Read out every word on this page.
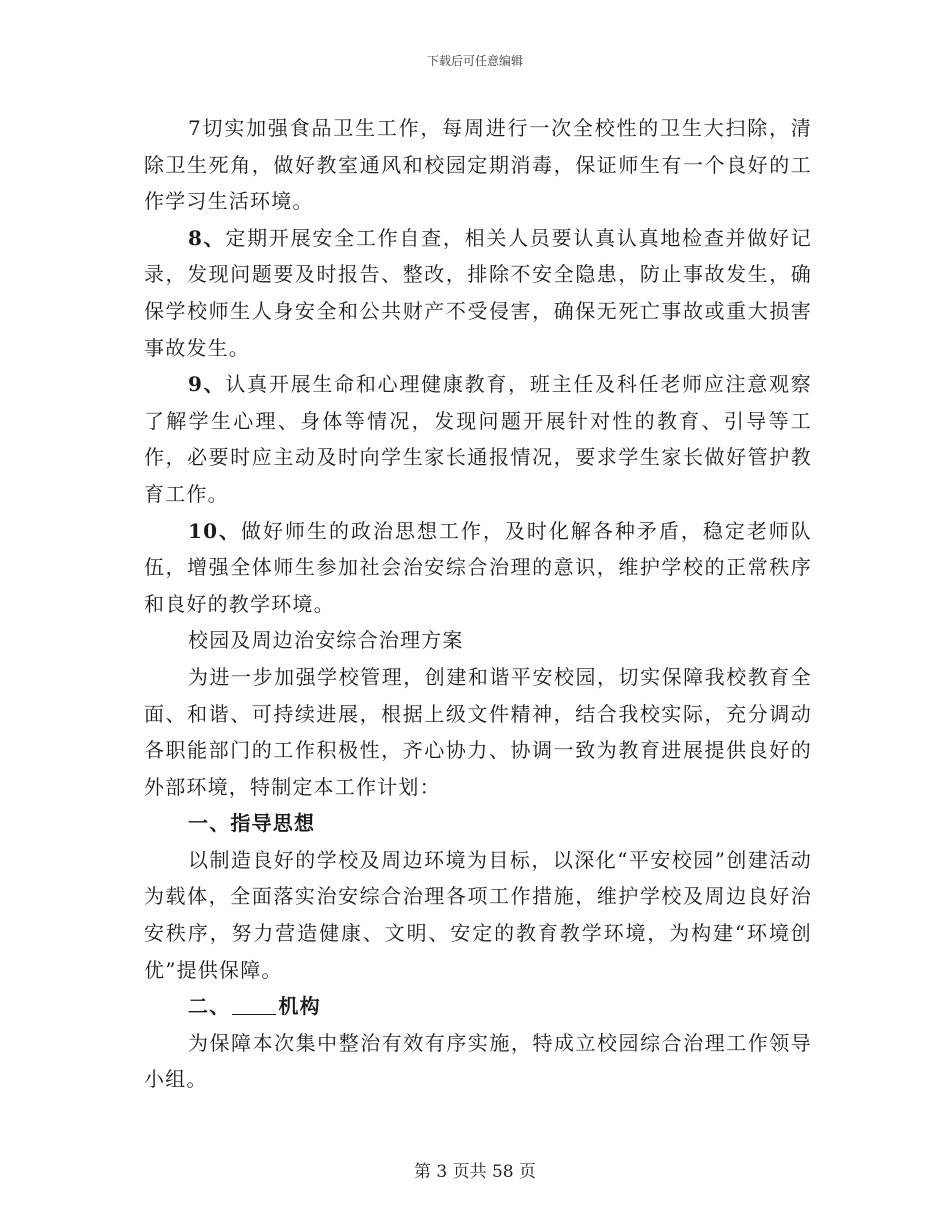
下载后可任意编辑

7切实加强食品卫生工作，每周进行一次全校性的卫生大扫除，清除卫生死角，做好教室通风和校园定期消毒，保证师生有一个良好的工作学习生活环境。

8、定期开展安全工作自查，相关人员要认真认真地检查并做好记录，发现问题要及时报告、整改，排除不安全隐患，防止事故发生，确保学校师生人身安全和公共财产不受侵害，确保无死亡事故或重大损害事故发生。

9、认真开展生命和心理健康教育，班主任及科任老师应注意观察了解学生心理、身体等情况，发现问题开展针对性的教育、引导等工作，必要时应主动及时向学生家长通报情况，要求学生家长做好管护教育工作。

10、做好师生的政治思想工作，及时化解各种矛盾，稳定老师队伍，增强全体师生参加社会治安综合治理的意识，维护学校的正常秩序和良好的教学环境。

校园及周边治安综合治理方案

为进一步加强学校管理，创建和谐平安校园，切实保障我校教育全面、和谐、可持续进展，根据上级文件精神，结合我校实际，充分调动各职能部门的工作积极性，齐心协力、协调一致为教育进展提供良好的外部环境，特制定本工作计划：

一、指导思想

以制造良好的学校及周边环境为目标，以深化“平安校园”创建活动为载体，全面落实治安综合治理各项工作措施，维护学校及周边良好治安秩序，努力营造健康、文明、安定的教育教学环境，为构建“环境创优”提供保障。

二、 机构

为保障本次集中整治有效有序实施，特成立校园综合治理工作领导小组。

第 3 页共 58 页
